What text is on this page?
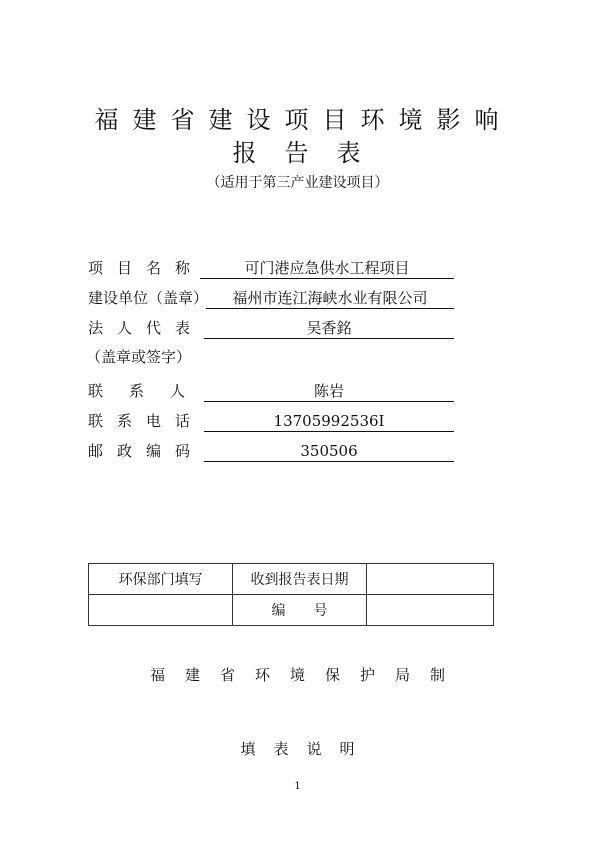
福建省建设项目环境影响
报告表
（适用于第三产业建设项目）
项目名称	可门港应急供水工程项目
建设单位（盖章）	福州市连江海峡水业有限公司
法人代表	吴香銘
（盖章或签字）
联系人	陈岩
联系电话	13705992536I
邮政编码	350506
环保部门填写	收到报告表日期	
	编　　号	
福建省环境保护局制
填表说明
1
